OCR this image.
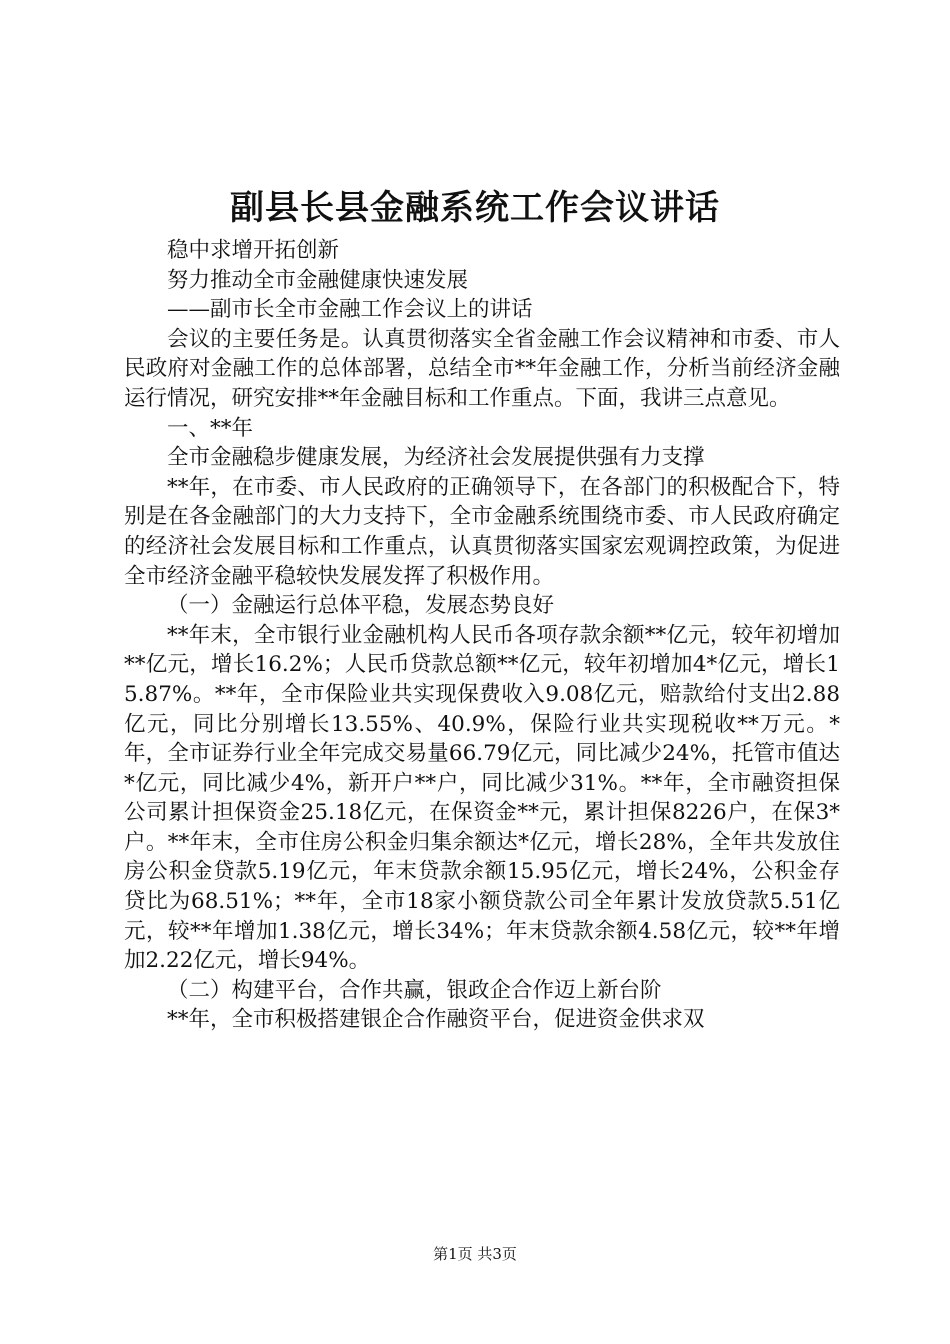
副县长县金融系统工作会议讲话

稳中求增开拓创新

努力推动全市金融健康快速发展

——副市长全市金融工作会议上的讲话

会议的主要任务是。认真贯彻落实全省金融工作会议精神和市委、市人民政府对金融工作的总体部署，总结全市**年金融工作，分析当前经济金融运行情况，研究安排**年金融目标和工作重点。下面，我讲三点意见。

一、**年

全市金融稳步健康发展，为经济社会发展提供强有力支撑

**年，在市委、市人民政府的正确领导下，在各部门的积极配合下，特别是在各金融部门的大力支持下，全市金融系统围绕市委、市人民政府确定的经济社会发展目标和工作重点，认真贯彻落实国家宏观调控政策，为促进全市经济金融平稳较快发展发挥了积极作用。

（一）金融运行总体平稳，发展态势良好

**年末，全市银行业金融机构人民币各项存款余额**亿元，较年初增加**亿元，增长16.2%；人民币贷款总额**亿元，较年初增加4*亿元，增长15.87%。**年，全市保险业共实现保费收入9.08亿元，赔款给付支出2.88亿元，同比分别增长13.55%、40.9%，保险行业共实现税收**万元。*年，全市证券行业全年完成交易量66.79亿元，同比减少24%，托管市值达*亿元，同比减少4%，新开户**户，同比减少31%。**年，全市融资担保公司累计担保资金25.18亿元，在保资金**元，累计担保8226户，在保3*户。**年末，全市住房公积金归集余额达*亿元，增长28%，全年共发放住房公积金贷款5.19亿元，年末贷款余额15.95亿元，增长24%，公积金存贷比为68.51%；**年，全市18家小额贷款公司全年累计发放贷款5.51亿元，较**年增加1.38亿元，增长34%；年末贷款余额4.58亿元，较**年增加2.22亿元，增长94%。

（二）构建平台，合作共赢，银政企合作迈上新台阶

**年，全市积极搭建银企合作融资平台，促进资金供求双

第1页 共3页
